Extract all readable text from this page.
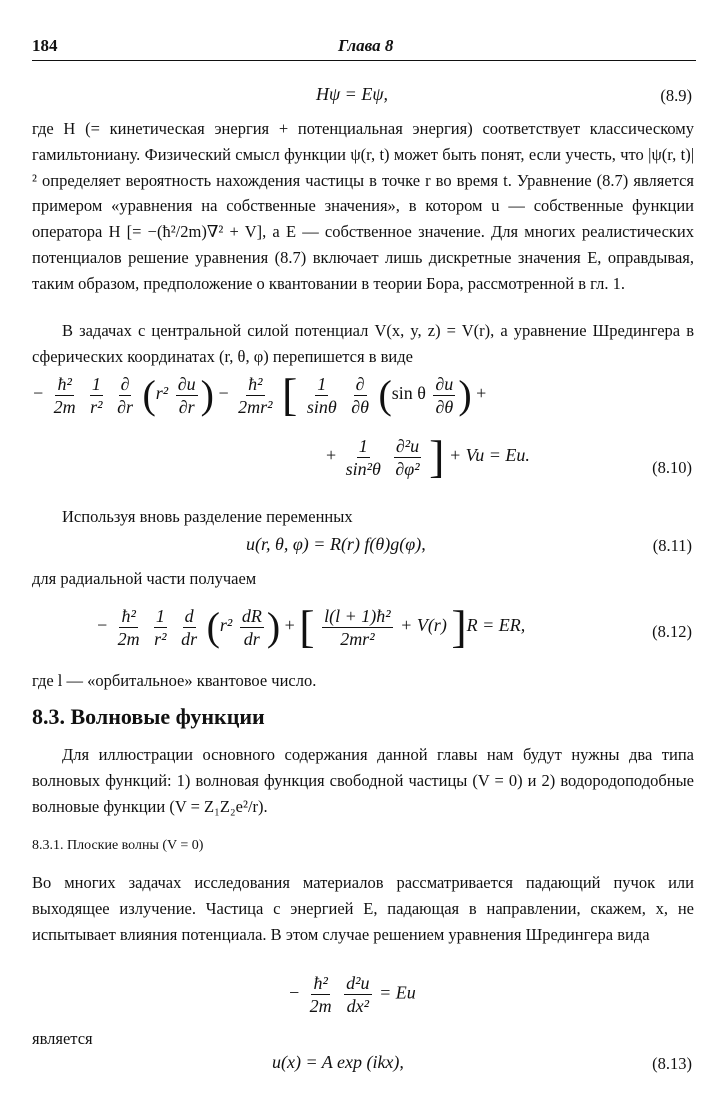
184	Глава 8
Hψ = Eψ,	(8.9)
где H (= кинетическая энергия + потенциальная энергия) соответствует классическому гамильтониану. Физический смысл функции ψ(r, t) может быть понят, если учесть, что |ψ(r, t)|² определяет вероятность нахождения частицы в точке r во время t. Уравнение (8.7) является примером «уравнения на собственные значения», в котором u — собственные функции оператора H [= −(ħ²/2m)∇² + V], а E — собственное значение. Для многих реалистических потенциалов решение уравнения (8.7) включает лишь дискретные значения E, оправдывая, таким образом, предположение о квантовании в теории Бора, рассмотренной в гл. 1.
В задачах с центральной силой потенциал V(x, y, z) = V(r), а уравнение Шредингера в сферических координатах (r, θ, φ) перепишется в виде
− $\frac{\text{ħ²}}{2m}$
$\frac{1}{\text{r²}}$
$\frac{\partial}{\partial r} (r^2 \frac{\partial u}{\partial r}$ ) − $\frac{\text{ħ²}}{\text{2mr²}}$ [ $\frac{1}{\sin\theta}$
$\frac{\partial}{\partial\theta} (\sin$ θ $\frac{\partial u}{\partial\theta}$ ) +
+ $\frac{1}{\text{sin²θ}}$
$\frac{\text{∂²u}}{\text{∂φ²}}$ ] + Vu = Eu.
(8.10)
Используя вновь разделение переменных
u(r, θ, φ) = R(r) f(θ)g(φ),	(8.11)
для радиальной части получаем
− $\frac{\text{ħ²}}{2m}$
$\frac{1}{\text{r²}}$
$\frac{d}{dr} (r^2 \frac{dR}{dr}$ ) + [ $\frac{\text{l(l + 1)ħ²}}{\text{2mr²}} + V(r) ]R$ = ER,	(8.12)
где l — «орбитальное» квантовое число.
8.3. Волновые функции
Для иллюстрации основного содержания данной главы нам будут нужны два типа волновых функций: 1) волновая функция свободной частицы (V = 0) и 2) водородоподобные волновые функции (V = Z₁Z₂e²/r).
8.3.1. Плоские волны (V = 0)
Во многих задачах исследования материалов рассматривается падающий пучок или выходящее излучение. Частица с энергией E, падающая в направлении, скажем, x, не испытывает влияния потенциала. В этом случае решением уравнения Шредингера вида
− $\frac{\text{ħ²}}{2m}$
$\frac{\text{d²u}}{\text{dx²}} = Eu$
является
u(x) = A exp (ikx),	(8.13)
